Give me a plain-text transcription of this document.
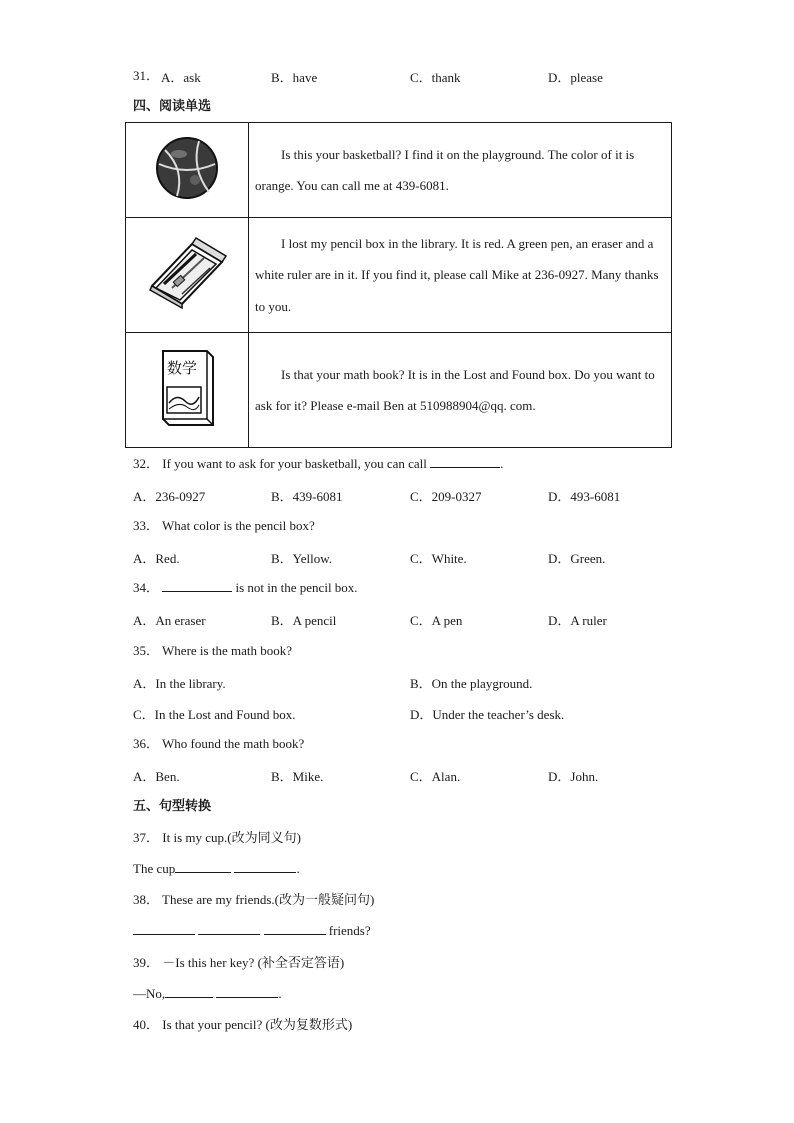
31． A．ask	B．have	C．thank	D．please
四、阅读单选
	Is this your basketball? I find it on the playground. The color of it is orange. You can call me at 439-6081.
	I lost my pencil box in the library. It is red. A green pen, an eraser and a white ruler are in it. If you find it, please call Mike at 236-0927. Many thanks to you.

数学	Is that your math book? It is in the Lost and Found box. Do you want to ask for it? Please e-mail Ben at 510988904@qq. com.
32． If you want to ask for your basketball, you can call	.
A．236-0927	B．439-6081	C．209-0327	D．493-6081
33． What color is the pencil box?
A．Red.	B．Yellow.	C．White.	D．Green.
34．	is not in the pencil box.
A．An eraser	B．A pencil	C．A pen	D．A ruler
35． Where is the math book?
A．In the library.	B．On the playground.
C．In the Lost and Found box.	D．Under the teacher’s desk.
36． Who found the math book?
A．Ben.	B．Mike.	C．Alan.	D．John.
五、句型转换
37． It is my cup.(改为同义句)
The cup	.
38． These are my friends.(改为一般疑问句)
friends?
39． －Is this her key? (补全否定答语)
—No,	.
40． Is that your pencil? (改为复数形式)
